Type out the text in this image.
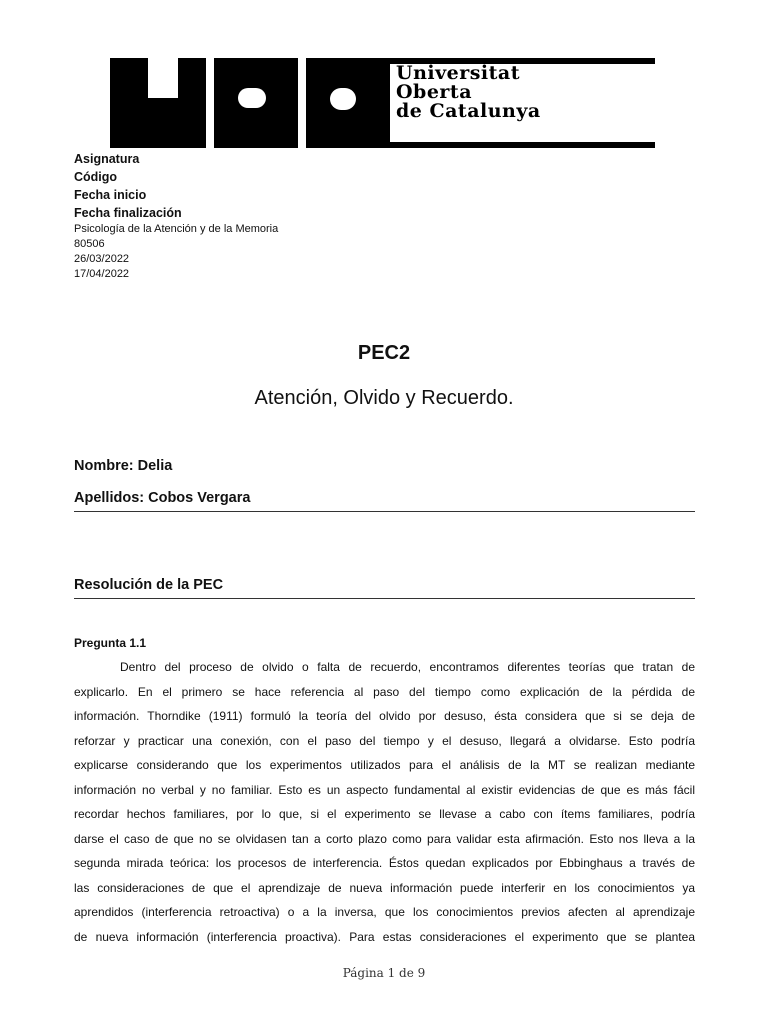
Universitat
Oberta
de Catalunya
Asignatura
Código
Fecha inicio
Fecha finalización
Psicología de la Atención y de la Memoria
80506
26/03/2022
17/04/2022
PEC2
Atención, Olvido y Recuerdo.
Nombre: Delia
Apellidos: Cobos Vergara
Resolución de la PEC
Pregunta 1.1
Dentro del proceso de olvido o falta de recuerdo, encontramos diferentes teorías que tratan de
explicarlo. En el primero se hace referencia al paso del tiempo como explicación de la pérdida de
información. Thorndike (1911) formuló la teoría del olvido por desuso, ésta considera que si se deja de
reforzar y practicar una conexión, con el paso del tiempo y el desuso, llegará a olvidarse. Esto podría
explicarse considerando que los experimentos utilizados para el análisis de la MT se realizan mediante
información no verbal y no familiar. Esto es un aspecto fundamental al existir evidencias de que es más fácil
recordar hechos familiares, por lo que, si el experimento se llevase a cabo con ítems familiares, podría
darse el caso de que no se olvidasen tan a corto plazo como para validar esta afirmación. Esto nos lleva a la
segunda mirada teórica: los procesos de interferencia. Éstos quedan explicados por Ebbinghaus a través de
las consideraciones de que el aprendizaje de nueva información puede interferir en los conocimientos ya
aprendidos (interferencia retroactiva) o a la inversa, que los conocimientos previos afecten al aprendizaje
de nueva información (interferencia proactiva). Para estas consideraciones el experimento que se plantea
Página 1 de 9
